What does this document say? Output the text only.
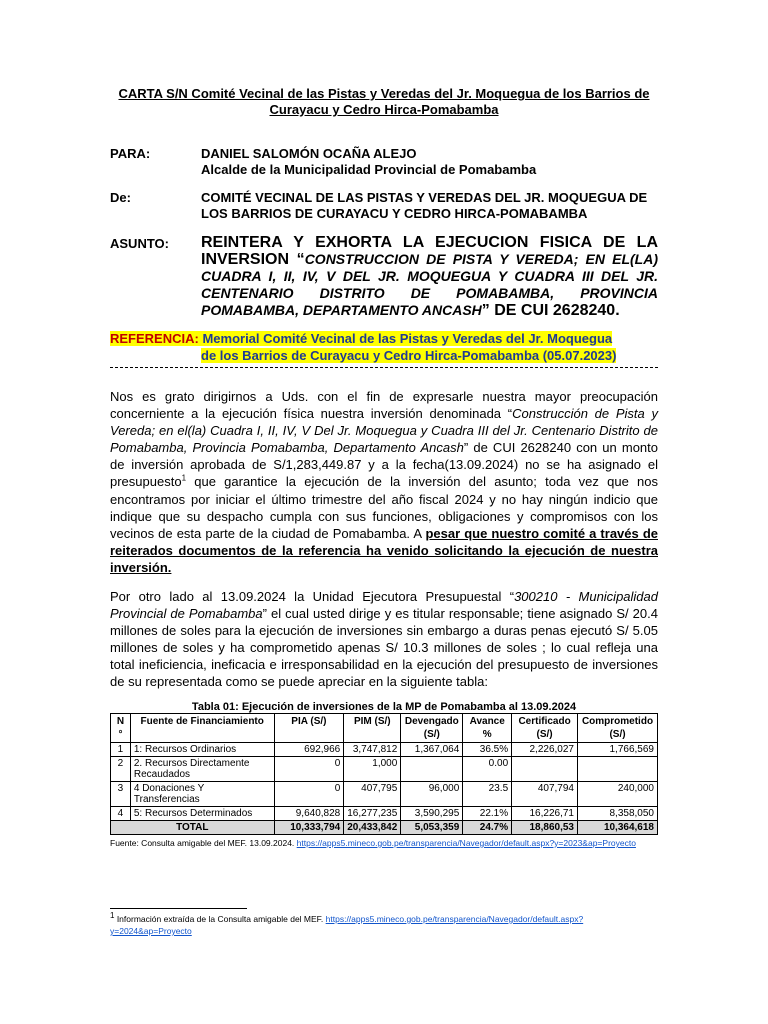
CARTA S/N Comité Vecinal de las Pistas y Veredas del Jr. Moquegua de los Barrios de Curayacu y Cedro Hirca-Pomabamba
PARA:	DANIEL SALOMÓN OCAÑA ALEJO
Alcalde de la Municipalidad Provincial de Pomabamba
De:	COMITÉ VECINAL DE LAS PISTAS Y VEREDAS DEL JR. MOQUEGUA DE LOS BARRIOS DE CURAYACU Y CEDRO HIRCA-POMABAMBA
ASUNTO: REINTERA Y EXHORTA LA EJECUCION FISICA DE LA INVERSION “CONSTRUCCION DE PISTA Y VEREDA; EN EL(LA) CUADRA I, II, IV, V DEL JR. MOQUEGUA Y CUADRA III DEL JR. CENTENARIO DISTRITO DE POMABAMBA, PROVINCIA POMABAMBA, DEPARTAMENTO ANCASH” DE CUI 2628240.
REFERENCIA: Memorial Comité Vecinal de las Pistas y Veredas del Jr. Moquegua
de los Barrios de Curayacu y Cedro Hirca-Pomabamba (05.07.2023)
Nos es grato dirigirnos a Uds. con el fin de expresarle nuestra mayor preocupación concerniente a la ejecución física nuestra inversión denominada “Construcción de Pista y Vereda; en el(la) Cuadra I, II, IV, V Del Jr. Moquegua y Cuadra III del Jr. Centenario Distrito de Pomabamba, Provincia Pomabamba, Departamento Ancash” de CUI 2628240 con un monto de inversión aprobada de S/1,283,449.87 y a la fecha(13.09.2024) no se ha asignado el presupuesto$^1$ que garantice la ejecución de la inversión del asunto; toda vez que nos encontramos por iniciar el último trimestre del año fiscal 2024 y no hay ningún indicio que indique que su despacho cumpla con sus funciones, obligaciones y compromisos con los vecinos de esta parte de la ciudad de Pomabamba. A pesar que nuestro comité a través de reiterados documentos de la referencia ha venido solicitando la ejecución de nuestra inversión.
Por otro lado al 13.09.2024 la Unidad Ejecutora Presupuestal “300210 - Municipalidad Provincial de Pomabamba” el cual usted dirige y es titular responsable; tiene asignado S/ 20.4 millones de soles para la ejecución de inversiones sin embargo a duras penas ejecutó S/ 5.05 millones de soles y ha comprometido apenas S/ 10.3 millones de soles ; lo cual refleja una total ineficiencia, ineficacia e irresponsabilidad en la ejecución del presupuesto de inversiones de su representada como se puede apreciar en la siguiente tabla:
Tabla 01: Ejecución de inversiones de la MP de Pomabamba al 13.09.2024
N °	Fuente de Financiamiento	PIA (S/)	PIM (S/)	Devengado (S/)	Avance %	Certificado (S/)	Comprometido (S/)
1	1: Recursos Ordinarios	692,966	3,747,812	1,367,064	36.5%	2,226,027	1,766,569
2	2. Recursos Directamente Recaudados	0	1,000		0.00		
3	4 Donaciones Y Transferencias	0	407,795	96,000	23.5	407,794	240,000
4	5: Recursos Determinados	9,640,828	16,277,235	3,590,295	22.1%	16,226,71	8,358,050
TOTAL		10,333,794	20,433,842	5,053,359	24.7%	18,860,53	10,364,618
Fuente: Consulta amigable del MEF. 13.09.2024. https://apps5.mineco.gob.pe/transparencia/Navegador/default.aspx?y=2023&ap=Proyecto
$^1$ Información extraída de la Consulta amigable del MEF. https://apps5.mineco.gob.pe/transparencia/Navegador/default.aspx?y=2024&ap=Proyecto
